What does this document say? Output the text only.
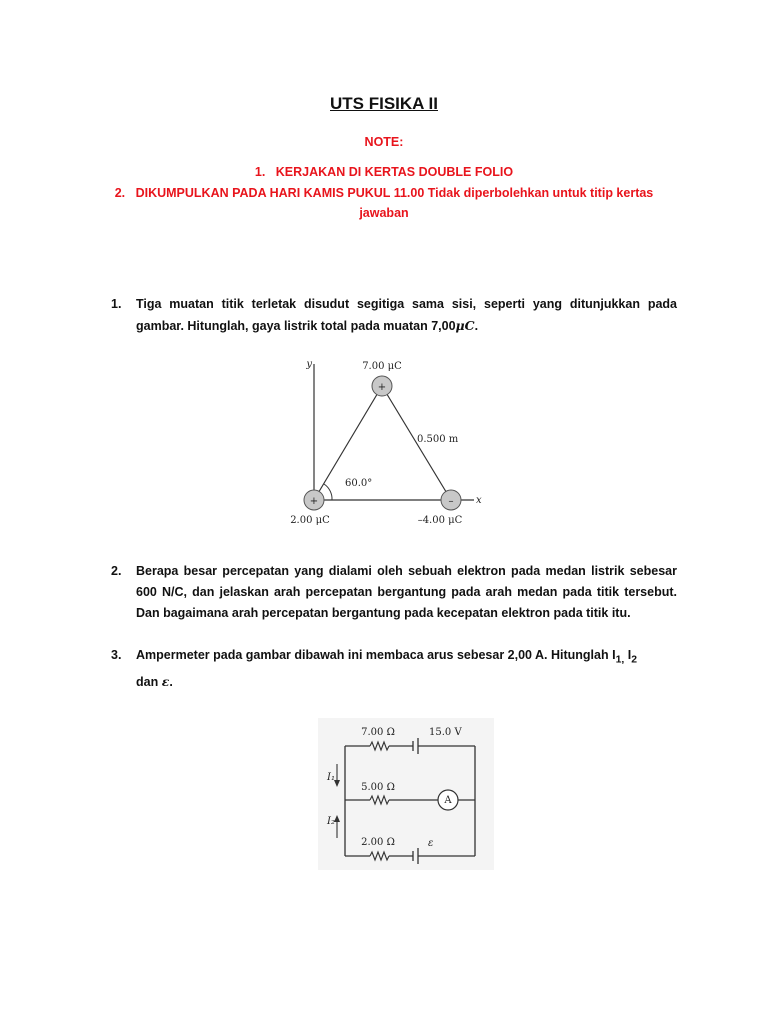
UTS FISIKA II
NOTE:
1. KERJAKAN DI KERTAS DOUBLE FOLIO
2. DIKUMPULKAN PADA HARI KAMIS PUKUL 11.00 Tidak diperbolehkan untuk titip kertas
jawaban
1. Tiga muatan titik terletak disudut segitiga sama sisi, seperti yang ditunjukkan pada gambar. Hitunglah, gaya listrik total pada muatan 7,00μC.
+
+	–
y
x
7.00 μC
0.500 m
60.0°
2.00 μC	–4.00 μC
2. Berapa besar percepatan yang dialami oleh sebuah elektron pada medan listrik sebesar 600 N/C, dan jelaskan arah percepatan bergantung pada arah medan pada titik tersebut. Dan bagaimana arah percepatan bergantung pada kecepatan elektron pada titik itu.
3. Ampermeter pada gambar dibawah ini membaca arus sebesar 2,00 A. Hitunglah $I_{1,}$ $I_2$
dan ε.
7.00 Ω	15.0 V
5.00 Ω
2.00 Ω	ε
A
I₁
I₂
